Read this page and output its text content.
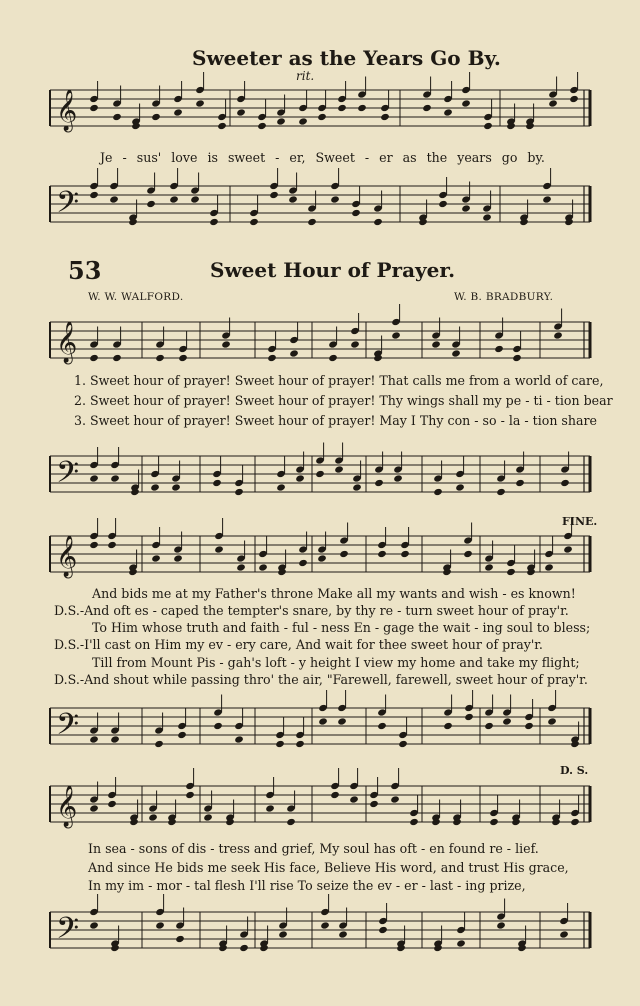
Sweeter as the Years Go By.
rit.
𝄞
Je - sus' love is sweet - er, Sweet - er as the years go by.
𝄢
53	Sweet Hour of Prayer.
W. W. WALFORD.	W. B. BRADBURY.
𝄞
1. Sweet hour of prayer! Sweet hour of prayer! That calls me from a world of care,
2. Sweet hour of prayer! Sweet hour of prayer! Thy wings shall my pe - ti - tion bear
3. Sweet hour of prayer! Sweet hour of prayer! May I Thy con - so - la - tion share
𝄢
FINE.
𝄞
And bids me at my Father's throne Make all my wants and wish - es known!
D.S.-And oft es - caped the tempter's snare, by thy re - turn sweet hour of pray'r.
To Him whose truth and faith - ful - ness En - gage the wait - ing soul to bless;
D.S.-I'll cast on Him my ev - ery care, And wait for thee sweet hour of pray'r.
Till from Mount Pis - gah's loft - y height I view my home and take my flight;
D.S.-And shout while passing thro' the air, "Farewell, farewell, sweet hour of pray'r.
𝄢
D. S.
𝄞
In sea - sons of dis - tress and grief, My soul has oft - en found re - lief.
And since He bids me seek His face, Believe His word, and trust His grace,
In my im - mor - tal flesh I'll rise To seize the ev - er - last - ing prize,
𝄢
